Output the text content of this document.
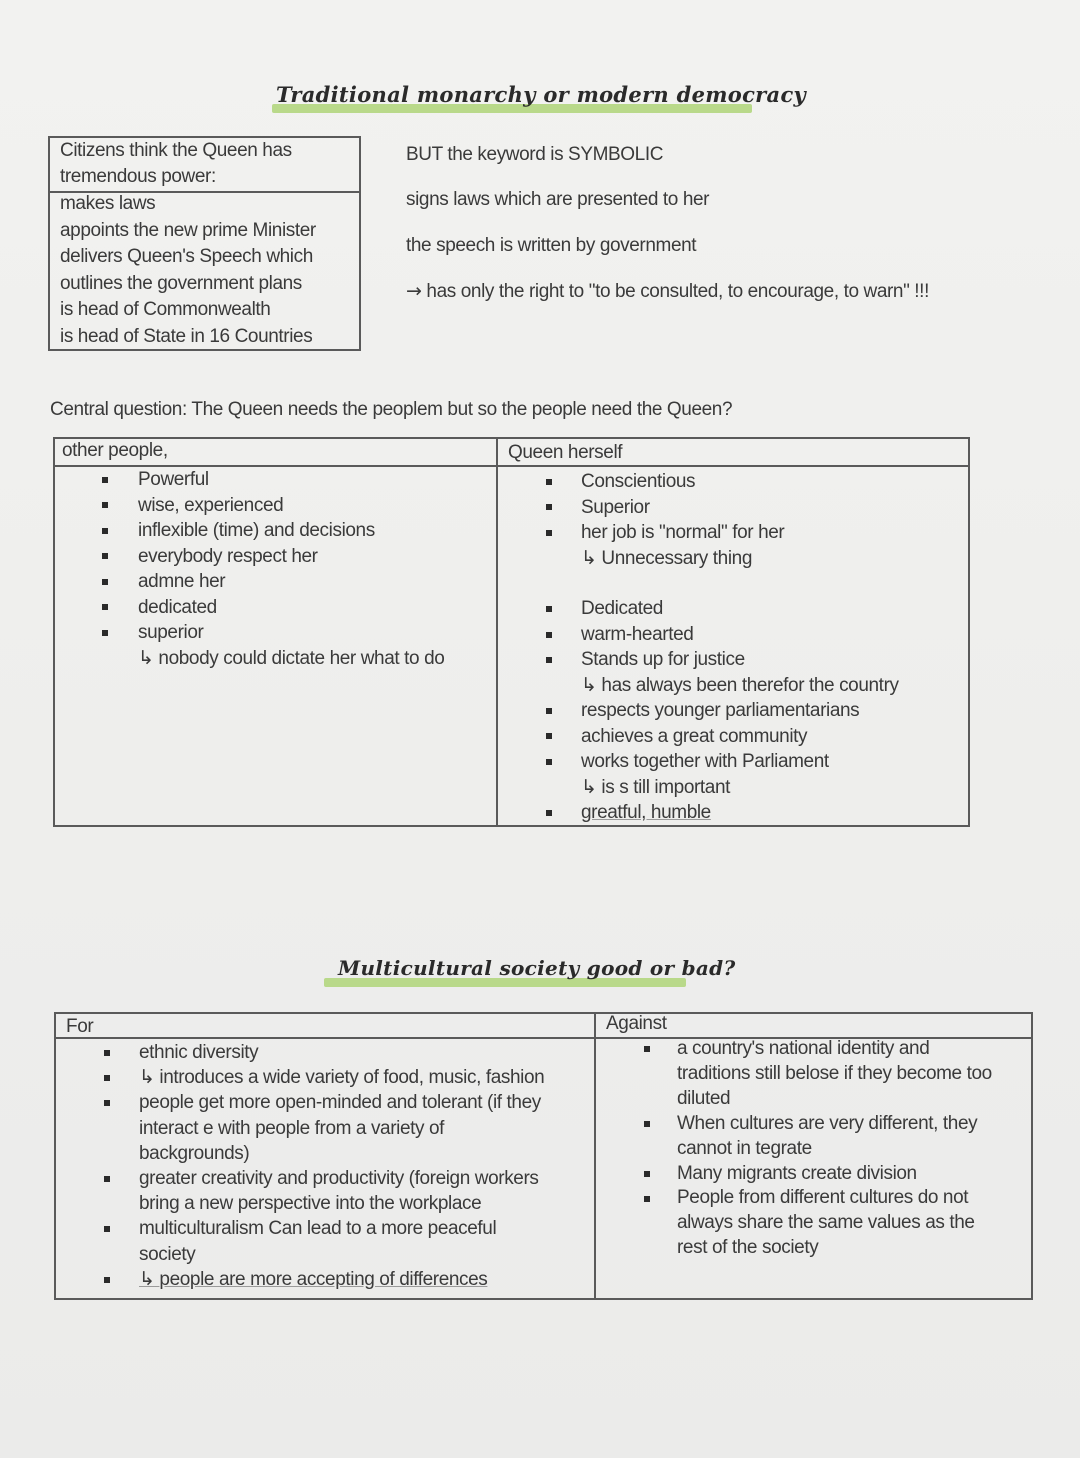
Traditional monarchy or modern democracy
Citizens think the Queen has
tremendous power:
makes laws
appoints the new prime Minister
delivers Queen's Speech which
outlines the government plans
is head of Commonwealth
is head of State in 16 Countries
BUT the keyword is SYMBOLIC
signs laws which are presented to her
the speech is written by government
→ has only the right to "to be consulted, to encourage, to warn" !!!
Central question: The Queen needs the peoplem but so the people need the Queen?
other people,	Queen herself
Powerful
wise, experienced
inflexible (time) and decisions
everybody respect her
admne her
dedicated
superior
↳ nobody could dictate her what to do
Conscientious
Superior
her job is "normal" for her
↳ Unnecessary thing
Dedicated
warm-hearted
Stands up for justice
↳ has always been therefor the country
respects younger parliamentarians
achieves a great community
works together with Parliament
↳ is s till important
greatful, humble
Multicultural society good or bad?
For	Against
ethnic diversity
↳ introduces a wide variety of food, music, fashion
people get more open-minded and tolerant (if they
interact e with people from a variety of
backgrounds)
greater creativity and productivity (foreign workers
bring a new perspective into the workplace
multiculturalism Can lead to a more peaceful
society
↳ people are more accepting of differences
a country's national identity and
traditions still belose if they become too
diluted
When cultures are very different, they
cannot in tegrate
Many migrants create division
People from different cultures do not
always share the same values as the
rest of the society
